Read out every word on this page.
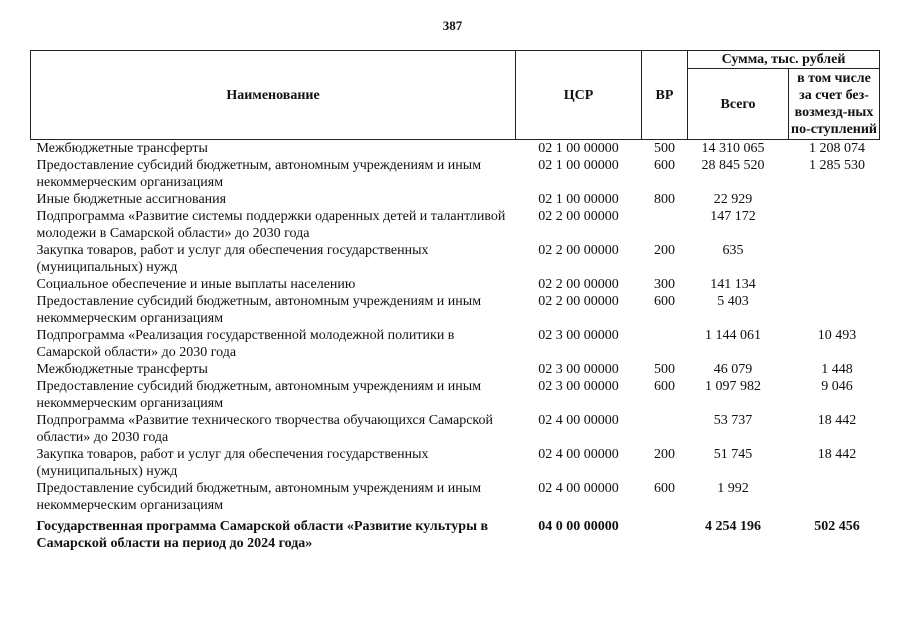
387
Наименование	ЦСР	ВР	Сумма, тыс. рублей	
			Всего	в том числе за счет без-возмезд-ных по-ступлений
Межбюджетные трансферты	02 1 00 00000	500	14 310 065	1 208 074
Предоставление субсидий бюджетным, автономным учреждениям и иным некоммерческим организациям	02 1 00 00000	600	28 845 520	1 285 530
Иные бюджетные ассигнования	02 1 00 00000	800	22 929	
Подпрограмма «Развитие системы поддержки одаренных детей и талантливой молодежи в Самарской области» до 2030 года	02 2 00 00000		147 172	
Закупка товаров, работ и услуг для обеспечения государственных (муниципальных) нужд	02 2 00 00000	200	635	
Социальное обеспечение и иные выплаты населению	02 2 00 00000	300	141 134	
Предоставление субсидий бюджетным, автономным учреждениям и иным некоммерческим организациям	02 2 00 00000	600	5 403	
Подпрограмма «Реализация государственной молодежной политики в Самарской области» до 2030 года	02 3 00 00000		1 144 061	10 493
Межбюджетные трансферты	02 3 00 00000	500	46 079	1 448
Предоставление субсидий бюджетным, автономным учреждениям и иным некоммерческим организациям	02 3 00 00000	600	1 097 982	9 046
Подпрограмма «Развитие технического творчества обучающихся Самарской области» до 2030 года	02 4 00 00000		53 737	18 442
Закупка товаров, работ и услуг для обеспечения государственных (муниципальных) нужд	02 4 00 00000	200	51 745	18 442
Предоставление субсидий бюджетным, автономным учреждениям и иным некоммерческим организациям	02 4 00 00000	600	1 992	
Государственная программа Самарской области «Развитие культуры в Самарской области на период до 2024 года»	04 0 00 00000		4 254 196	502 456
